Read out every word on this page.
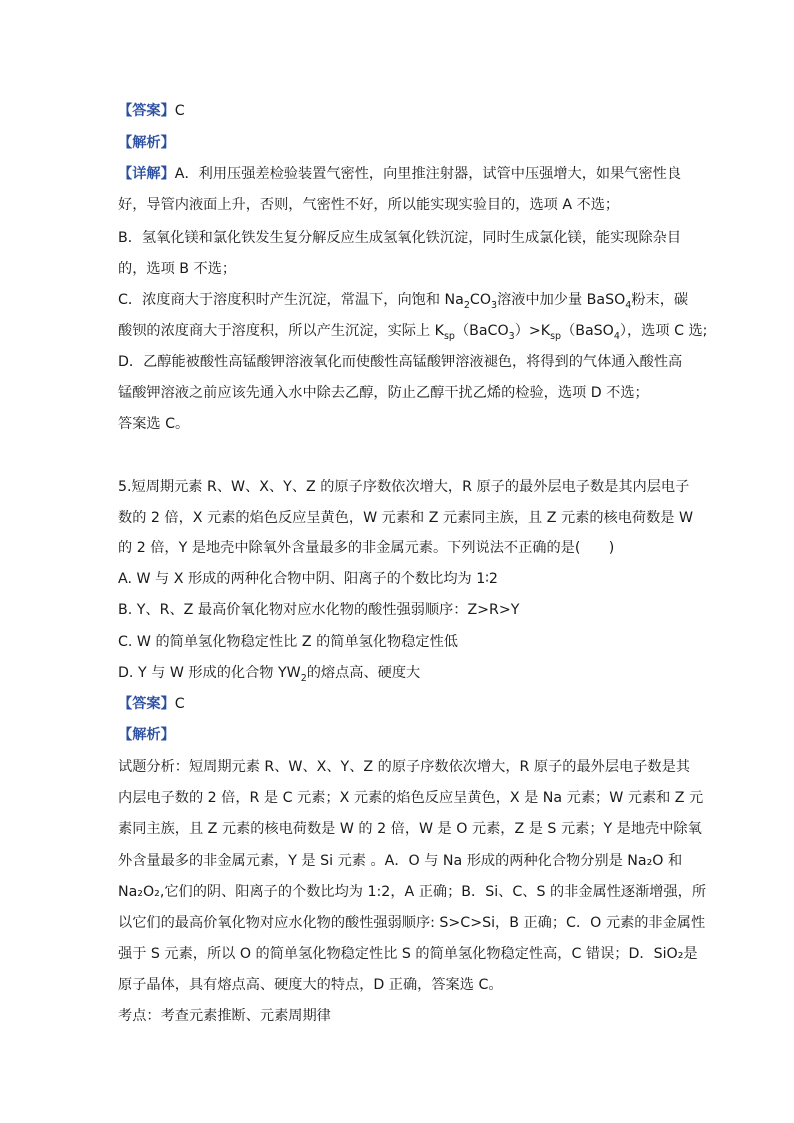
【答案】C
【解析】
【详解】A．利用压强差检验装置气密性，向里推注射器，试管中压强增大，如果气密性良
好，导管内液面上升，否则，气密性不好，所以能实现实验目的，选项 A 不选；
B．氢氧化镁和氯化铁发生复分解反应生成氢氧化铁沉淀，同时生成氯化镁，能实现除杂目
的，选项 B 不选；
C．浓度商大于溶度积时产生沉淀，常温下，向饱和 $Na_2CO_3$溶液中加少量 BaSO$_4$粉末，碳
酸钡的浓度商大于溶度积，所以产生沉淀，实际上 $K_{sp}(BaCO_3)>K_{sp}(BaSO_4)$，选项 C 选;
D．乙醇能被酸性高锰酸钾溶液氧化而使酸性高锰酸钾溶液褪色，将得到的气体通入酸性高
锰酸钾溶液之前应该先通入水中除去乙醇，防止乙醇干扰乙烯的检验，选项 D 不选；
答案选 C。
5.短周期元素 R、W、X、Y、Z 的原子序数依次增大，R 原子的最外层电子数是其内层电子
数的 2 倍，X 元素的焰色反应呈黄色，W 元素和 Z 元素同主族，且 Z 元素的核电荷数是 W
的 2 倍，Y 是地壳中除氧外含量最多的非金属元素。下列说法不正确的是(　　)
A. W 与 X 形成的两种化合物中阴、阳离子的个数比均为 1∶2
B. Y、R、Z 最高价氧化物对应水化物的酸性强弱顺序：Z>R>Y
C. W 的简单氢化物稳定性比 Z 的简单氢化物稳定性低
D. Y 与 W 形成的化合物 $YW_2$的熔点高、硬度大
【答案】C
【解析】
试题分析：短周期元素 R、W、X、Y、Z 的原子序数依次增大，R 原子的最外层电子数是其
内层电子数的 2 倍，R 是 C 元素；X 元素的焰色反应呈黄色，X 是 Na 元素；W 元素和 Z 元
素同主族，且 Z 元素的核电荷数是 W 的 2 倍，W 是 O 元素，Z 是 S 元素；Y 是地壳中除氧
外含量最多的非金属元素，Y 是 Si 元素 。A．O 与 Na 形成的两种化合物分别是 Na₂O 和
Na₂O₂,它们的阴、阳离子的个数比均为 1:2，A 正确；B．Si、C、S 的非金属性逐渐增强，所
以它们的最高价氧化物对应水化物的酸性强弱顺序: S>C>Si，B 正确；C．O 元素的非金属性
强于 S 元素，所以 O 的简单氢化物稳定性比 S 的简单氢化物稳定性高，C 错误；D．SiO₂是
原子晶体，具有熔点高、硬度大的特点，D 正确，答案选 C。
考点：考查元素推断、元素周期律
